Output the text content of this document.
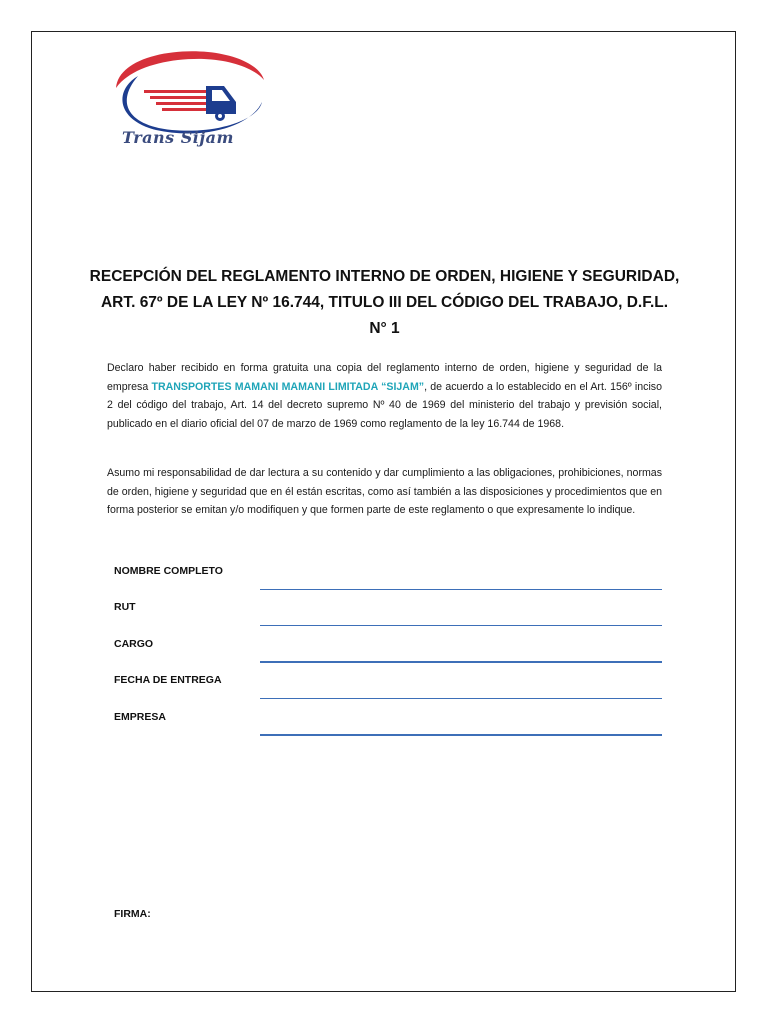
Trans Sijam
RECEPCIÓN DEL REGLAMENTO INTERNO DE ORDEN, HIGIENE Y SEGURIDAD,
ART. 67º DE LA LEY Nº 16.744, TITULO III DEL CÓDIGO DEL TRABAJO, D.F.L.
N° 1
Declaro haber recibido en forma gratuita una copia del reglamento interno de orden, higiene y seguridad de la empresa TRANSPORTES MAMANI MAMANI LIMITADA “SIJAM”, de acuerdo a lo establecido en el Art. 156º inciso 2 del código del trabajo, Art. 14 del decreto supremo Nº 40 de 1969 del ministerio del trabajo y previsión social, publicado en el diario oficial del 07 de marzo de 1969 como reglamento de la ley 16.744 de 1968.
Asumo mi responsabilidad de dar lectura a su contenido y dar cumplimiento a las obligaciones, prohibiciones, normas de orden, higiene y seguridad que en él están escritas, como así también a las disposiciones y procedimientos que en forma posterior se emitan y/o modifiquen y que formen parte de este reglamento o que expresamente lo indique.
NOMBRE COMPLETO
RUT
CARGO
FECHA DE ENTREGA
EMPRESA
FIRMA:
